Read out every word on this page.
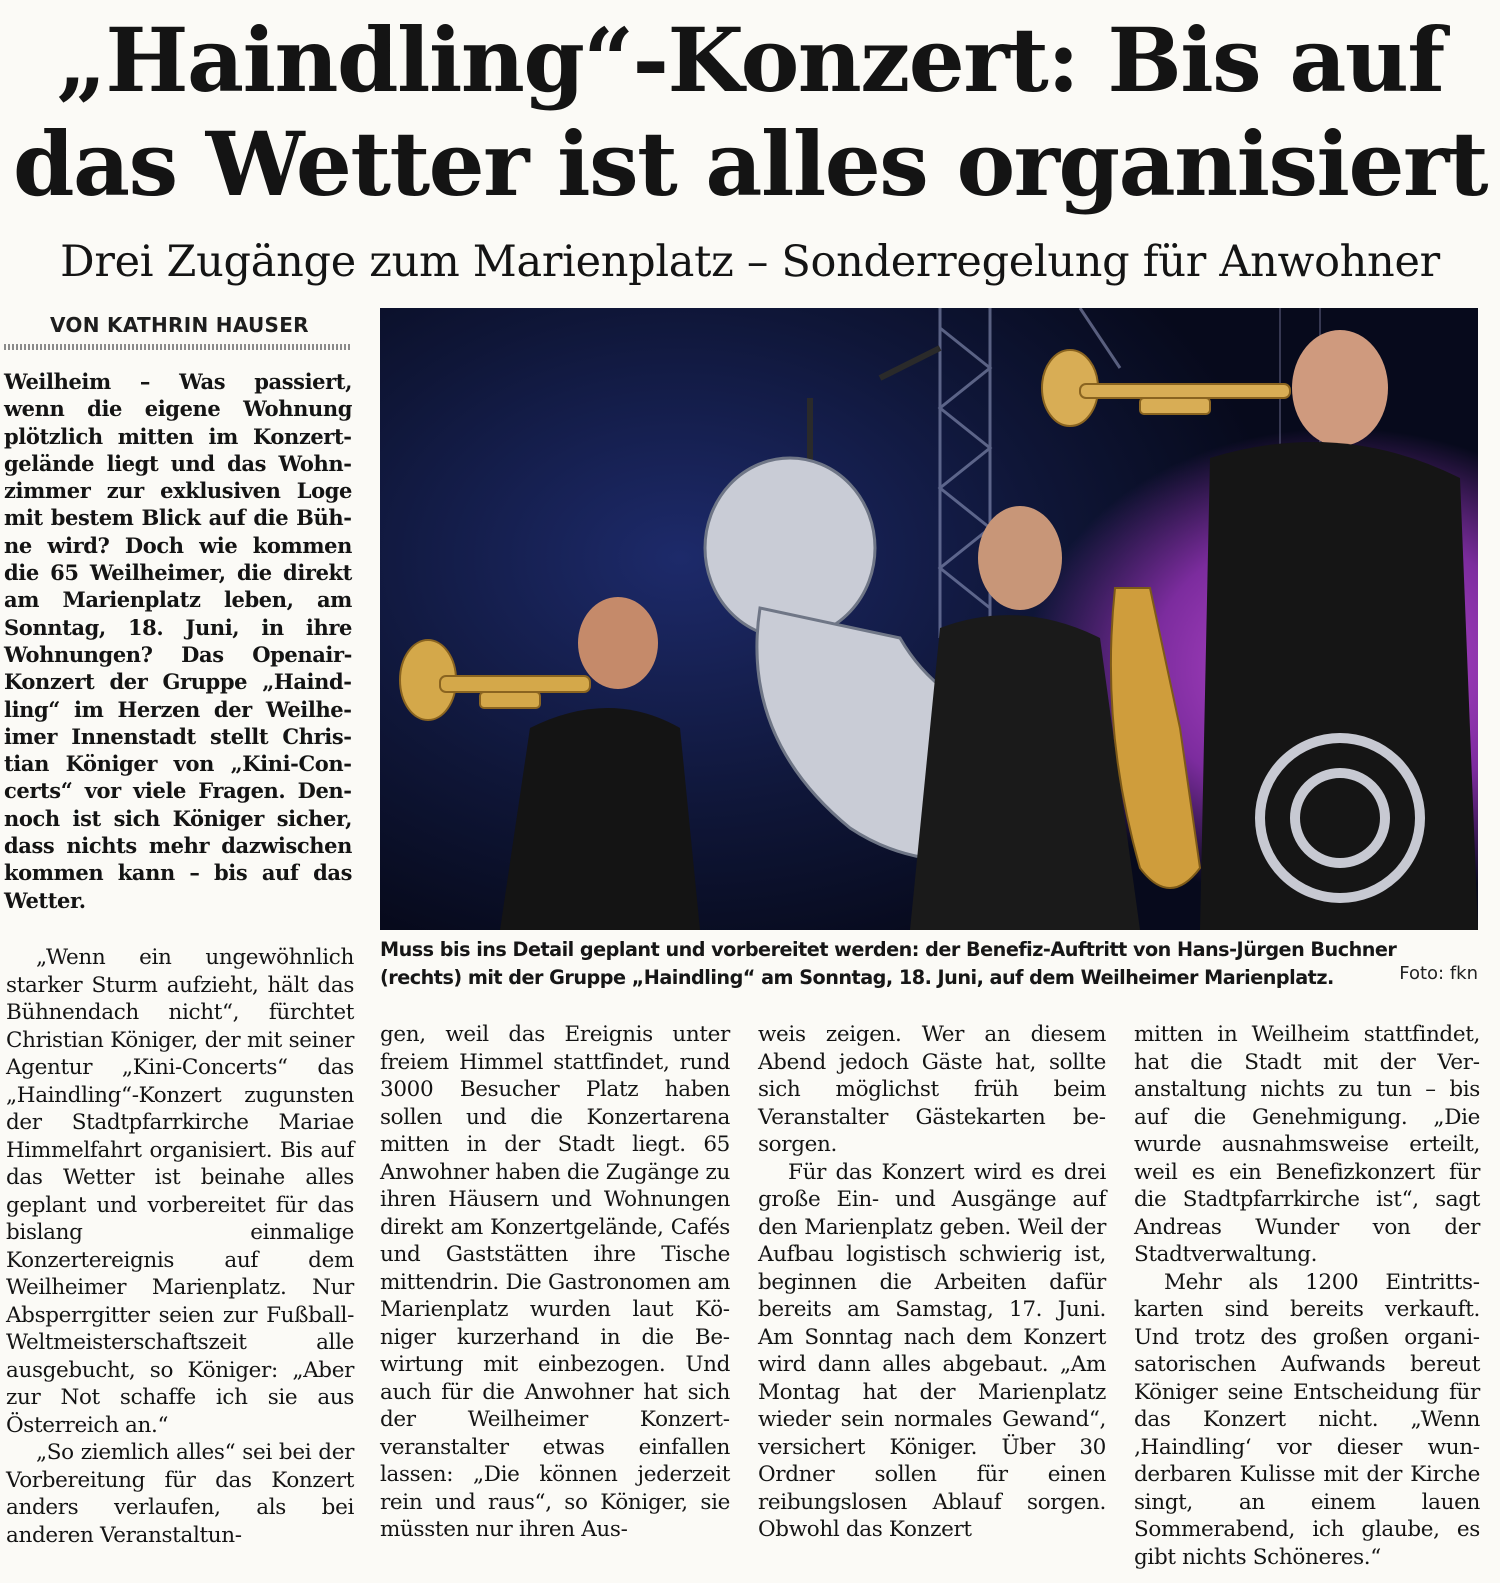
„Haindling“-Konzert: Bis auf das Wetter ist alles organisiert
Drei Zugänge zum Marienplatz – Sonderregelung für Anwohner
VON KATHRIN HAUSER

Weilheim – Was passiert, wenn die eigene Wohnung plötzlich mitten im Konzertgelände liegt und das Wohnzimmer zur exklusiven Loge mit bestem Blick auf die Bühne wird? Doch wie kommen die 65 Weilheimer, die direkt am Marienplatz leben, am Sonntag, 18. Juni, in ihre Wohnungen? Das Openair-Konzert der Gruppe „Haindling“ im Herzen der Weilheimer Innenstadt stellt Christian Königer von „Kini-Concerts“ vor viele Fragen. Dennoch ist sich Königer sicher, dass nichts mehr dazwischen kommen kann – bis auf das Wetter.

Muss bis ins Detail geplant und vorbereitet werden: der Benefiz-Auftritt von Hans-Jürgen Buchner (rechts) mit der Gruppe „Haindling“ am Sonntag, 18. Juni, auf dem Weilheimer Marienplatz.	Foto: fkn

„Wenn ein ungewöhnlich starker Sturm aufzieht, hält das Bühnendach nicht“, fürchtet Christian Königer, der mit seiner Agentur „Kini-Concerts“ das „Haindling“-Konzert zugunsten der Stadtpfarrkirche Mariae Himmelfahrt organisiert. Bis auf das Wetter ist beinahe alles geplant und vorbereitet für das bislang einmalige Konzertereignis auf dem Weilheimer Marienplatz. Nur Absperrgitter seien zur Fußball-Weltmeisterschaftszeit alle ausgebucht, so Königer: „Aber zur Not schaffe ich sie aus Österreich an.“

„So ziemlich alles“ sei bei der Vorbereitung für das Konzert anders verlaufen, als bei anderen Veranstaltun-

gen, weil das Ereignis unter freiem Himmel stattfindet, rund 3000 Besucher Platz haben sollen und die Konzertarena mitten in der Stadt liegt. 65 Anwohner haben die Zugänge zu ihren Häusern und Wohnungen direkt am Konzertgelände, Cafés und Gaststätten ihre Tische mittendrin. Die Gastronomen am Marienplatz wurden laut Königer kurzerhand in die Bewirtung mit einbezogen. Und auch für die Anwohner hat sich der Weilheimer Konzertveranstalter etwas einfallen lassen: „Die können jederzeit rein und raus“, so Königer, sie müssten nur ihren Aus-

weis zeigen. Wer an diesem Abend jedoch Gäste hat, sollte sich möglichst früh beim Veranstalter Gästekarten besorgen.

Für das Konzert wird es drei große Ein- und Ausgänge auf den Marienplatz geben. Weil der Aufbau logistisch schwierig ist, beginnen die Arbeiten dafür bereits am Samstag, 17. Juni. Am Sonntag nach dem Konzert wird dann alles abgebaut. „Am Montag hat der Marienplatz wieder sein normales Gewand“, versichert Königer. Über 30 Ordner sollen für einen reibungslosen Ablauf sorgen. Obwohl das Konzert

mitten in Weilheim stattfindet, hat die Stadt mit der Veranstaltung nichts zu tun – bis auf die Genehmigung. „Die wurde ausnahmsweise erteilt, weil es ein Benefizkonzert für die Stadtpfarrkirche ist“, sagt Andreas Wunder von der Stadtverwaltung.

Mehr als 1200 Eintrittskarten sind bereits verkauft. Und trotz des großen organisatorischen Aufwands bereut Königer seine Entscheidung für das Konzert nicht. „Wenn ‚Haindling‘ vor dieser wunderbaren Kulisse mit der Kirche singt, an einem lauen Sommerabend, ich glaube, es gibt nichts Schöneres.“
